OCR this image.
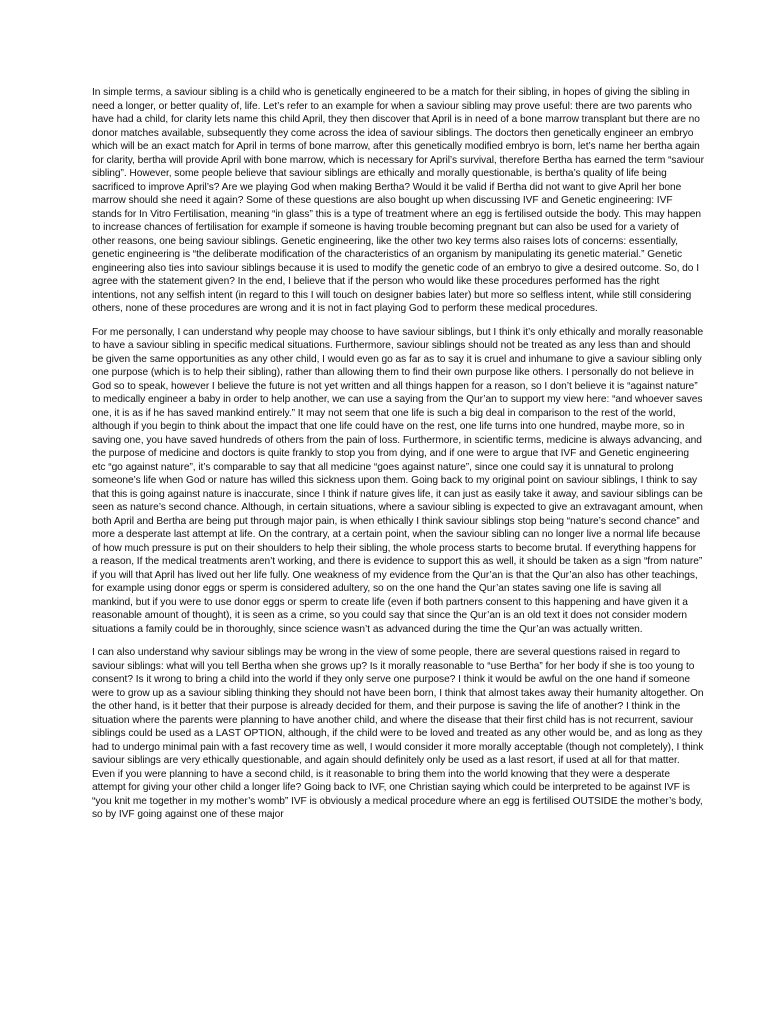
In simple terms, a saviour sibling is a child who is genetically engineered to be a match for their sibling, in hopes of giving the sibling in need a longer, or better quality of, life. Let’s refer to an example for when a saviour sibling may prove useful: there are two parents who have had a child, for clarity lets name this child April, they then discover that April is in need of a bone marrow transplant but there are no donor matches available, subsequently they come across the idea of saviour siblings. The doctors then genetically engineer an embryo which will be an exact match for April in terms of bone marrow, after this genetically modified embryo is born, let’s name her bertha again for clarity, bertha will provide April with bone marrow, which is necessary for April’s survival, therefore Bertha has earned the term “saviour sibling”. However, some people believe that saviour siblings are ethically and morally questionable, is bertha’s quality of life being sacrificed to improve April’s? Are we playing God when making Bertha? Would it be valid if Bertha did not want to give April her bone marrow should she need it again? Some of these questions are also bought up when discussing IVF and Genetic engineering: IVF stands for In Vitro Fertilisation, meaning “in glass” this is a type of treatment where an egg is fertilised outside the body. This may happen to increase chances of fertilisation for example if someone is having trouble becoming pregnant but can also be used for a variety of other reasons, one being saviour siblings. Genetic engineering, like the other two key terms also raises lots of concerns: essentially, genetic engineering is “the deliberate modification of the characteristics of an organism by manipulating its genetic material.” Genetic engineering also ties into saviour siblings because it is used to modify the genetic code of an embryo to give a desired outcome. So, do I agree with the statement given? In the end, I believe that if the person who would like these procedures performed has the right intentions, not any selfish intent (in regard to this I will touch on designer babies later) but more so selfless intent, while still considering others, none of these procedures are wrong and it is not in fact playing God to perform these medical procedures.

For me personally, I can understand why people may choose to have saviour siblings, but I think it’s only ethically and morally reasonable to have a saviour sibling in specific medical situations. Furthermore, saviour siblings should not be treated as any less than and should be given the same opportunities as any other child, I would even go as far as to say it is cruel and inhumane to give a saviour sibling only one purpose (which is to help their sibling), rather than allowing them to find their own purpose like others. I personally do not believe in God so to speak, however I believe the future is not yet written and all things happen for a reason, so I don’t believe it is “against nature” to medically engineer a baby in order to help another, we can use a saying from the Qur’an to support my view here: “and whoever saves one, it is as if he has saved mankind entirely.” It may not seem that one life is such a big deal in comparison to the rest of the world, although if you begin to think about the impact that one life could have on the rest, one life turns into one hundred, maybe more, so in saving one, you have saved hundreds of others from the pain of loss. Furthermore, in scientific terms, medicine is always advancing, and the purpose of medicine and doctors is quite frankly to stop you from dying, and if one were to argue that IVF and Genetic engineering etc “go against nature”, it’s comparable to say that all medicine “goes against nature”, since one could say it is unnatural to prolong someone’s life when God or nature has willed this sickness upon them. Going back to my original point on saviour siblings, I think to say that this is going against nature is inaccurate, since I think if nature gives life, it can just as easily take it away, and saviour siblings can be seen as nature’s second chance. Although, in certain situations, where a saviour sibling is expected to give an extravagant amount, when both April and Bertha are being put through major pain, is when ethically I think saviour siblings stop being “nature’s second chance” and more a desperate last attempt at life. On the contrary, at a certain point, when the saviour sibling can no longer live a normal life because of how much pressure is put on their shoulders to help their sibling, the whole process starts to become brutal. If everything happens for a reason, If the medical treatments aren’t working, and there is evidence to support this as well, it should be taken as a sign “from nature” if you will that April has lived out her life fully. One weakness of my evidence from the Qur’an is that the Qur’an also has other teachings, for example using donor eggs or sperm is considered adultery, so on the one hand the Qur’an states saving one life is saving all mankind, but if you were to use donor eggs or sperm to create life (even if both partners consent to this happening and have given it a reasonable amount of thought), it is seen as a crime, so you could say that since the Qur’an is an old text it does not consider modern situations a family could be in thoroughly, since science wasn’t as advanced during the time the Qur’an was actually written.

I can also understand why saviour siblings may be wrong in the view of some people, there are several questions raised in regard to saviour siblings: what will you tell Bertha when she grows up? Is it morally reasonable to “use Bertha” for her body if she is too young to consent? Is it wrong to bring a child into the world if they only serve one purpose? I think it would be awful on the one hand if someone were to grow up as a saviour sibling thinking they should not have been born, I think that almost takes away their humanity altogether. On the other hand, is it better that their purpose is already decided for them, and their purpose is saving the life of another? I think in the situation where the parents were planning to have another child, and where the disease that their first child has is not recurrent, saviour siblings could be used as a LAST OPTION, although, if the child were to be loved and treated as any other would be, and as long as they had to undergo minimal pain with a fast recovery time as well, I would consider it more morally acceptable (though not completely), I think saviour siblings are very ethically questionable, and again should definitely only be used as a last resort, if used at all for that matter. Even if you were planning to have a second child, is it reasonable to bring them into the world knowing that they were a desperate attempt for giving your other child a longer life? Going back to IVF, one Christian saying which could be interpreted to be against IVF is “you knit me together in my mother’s womb” IVF is obviously a medical procedure where an egg is fertilised OUTSIDE the mother’s body, so by IVF going against one of these major
